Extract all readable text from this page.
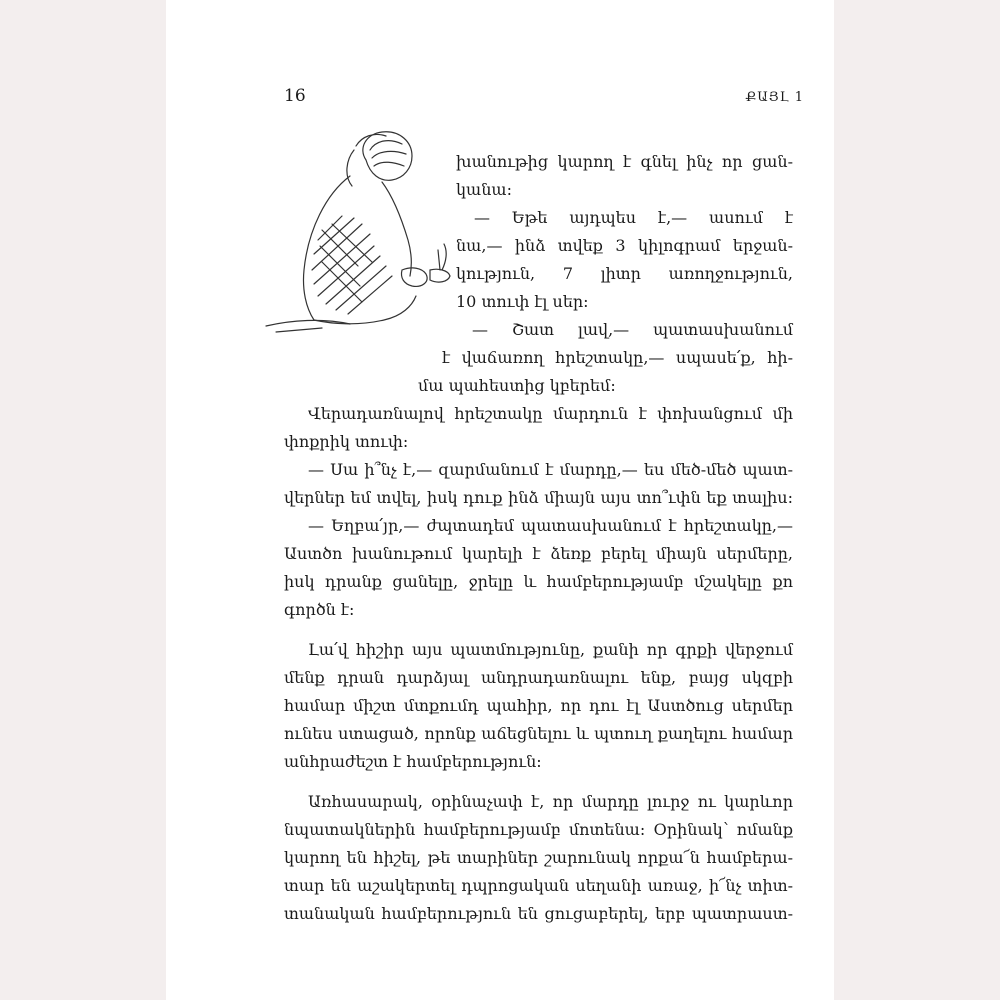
16	ՔԱՅԼ 1
խանութից կարող է գնել ինչ որ ցան-
կանա:
— Եթե այդպես է,— ասում է
նա,— ինձ տվեք 3 կիլոգրամ երջան-
կություն, 7 լիտր առողջություն,
10 տուփ էլ սեր:
— Շատ լավ,— պատասխանում
է վաճառող հրեշտակը,— սպասե՛ք, հի-
մա պահեստից կբերեմ:
Վերադառնալով հրեշտակը մարդուն է փոխանցում մի
փոքրիկ տուփ:
— Սա ի՞նչ է,— զարմանում է մարդը,— ես մեծ-մեծ պատ-
վերներ եմ տվել, իսկ դուք ինձ միայն այս տո՞ւփն եք տալիս:
— Եղբա՛յր,— ժպտադեմ պատասխանում է հրեշտակը,—
Աստծո խանութում կարելի է ձեռք բերել միայն սերմերը,
իսկ դրանք ցանելը, ջրելը և համբերությամբ մշակելը քո
գործն է:
Լա՛վ հիշիր այս պատմությունը, քանի որ գրքի վերջում
մենք դրան դարձյալ անդրադառնալու ենք, բայց սկզբի
համար միշտ մտքումդ պահիր, որ դու էլ Աստծուց սերմեր
ունես ստացած, որոնք աճեցնելու և պտուղ քաղելու համար
անհրաժեշտ է համբերություն:
Առհասարակ, օրինաչափ է, որ մարդը լուրջ ու կարևոր
նպատակներին համբերությամբ մոտենա: Օրինակ՝ ոմանք
կարող են հիշել, թե տարիներ շարունակ որքա՜ն համբերա-
տար են աշակերտել դպրոցական սեղանի առաջ, ի՜նչ տիտ-
տանական համբերություն են ցուցաբերել, երբ պատրաստ-
